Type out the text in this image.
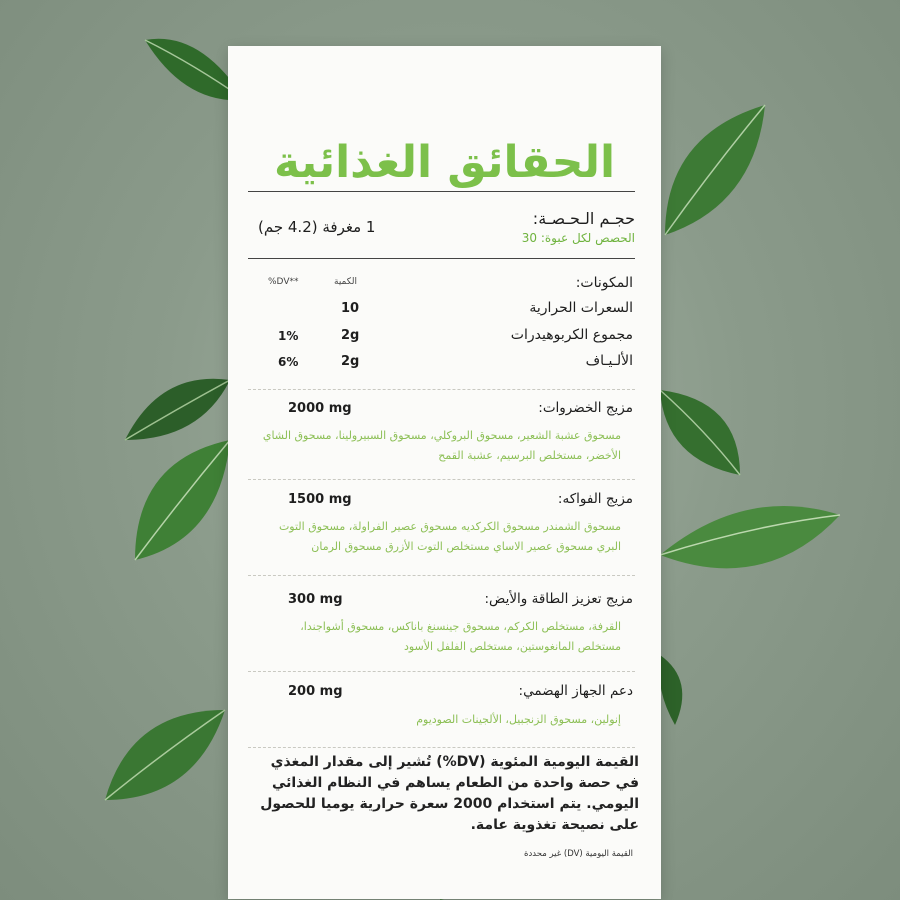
الحقائق الغذائية
حجـم الـحـصـة:
الحصص لكل عبوة: 30
1 مغرفة (4.2 جم)
المكونات:
الكمية
%DV**
السعرات الحرارية
10
مجموع الكربوهيدرات
2g
1%
الألـيـاف
2g
6%
مزيج الخضروات:
2000 mg
مسحوق عشبة الشعير، مسحوق البروكلي، مسحوق السبيرولينا، مسحوق الشاي الأخضر، مستخلص البرسيم، عشبة القمح
مزيج الفواكه:
1500 mg
مسحوق الشمندر مسحوق الكركديه مسحوق عصير الفراولة، مسحوق التوت البري مسحوق عصير الاساي مستخلص التوت الأزرق مسحوق الرمان
مزيج تعزيز الطاقة والأيض:
300 mg
القرفة، مستخلص الكركم، مسحوق جينسنغ باناكس، مسحوق أشواجندا، مستخلص المانغوستين، مستخلص الفلفل الأسود
دعم الجهاز الهضمي:
200 mg
إنولين، مسحوق الزنجبيل، الألجينات الصوديوم
القيمة اليومية المئوية (DV%) تُشير إلى مقدار المغذي في حصة واحدة من الطعام يساهم في النظام الغذائي اليومي. يتم استخدام 2000 سعرة حرارية يوميا للحصول على نصيحة تغذوية عامة.
القيمة اليومية (DV) غير محددة
